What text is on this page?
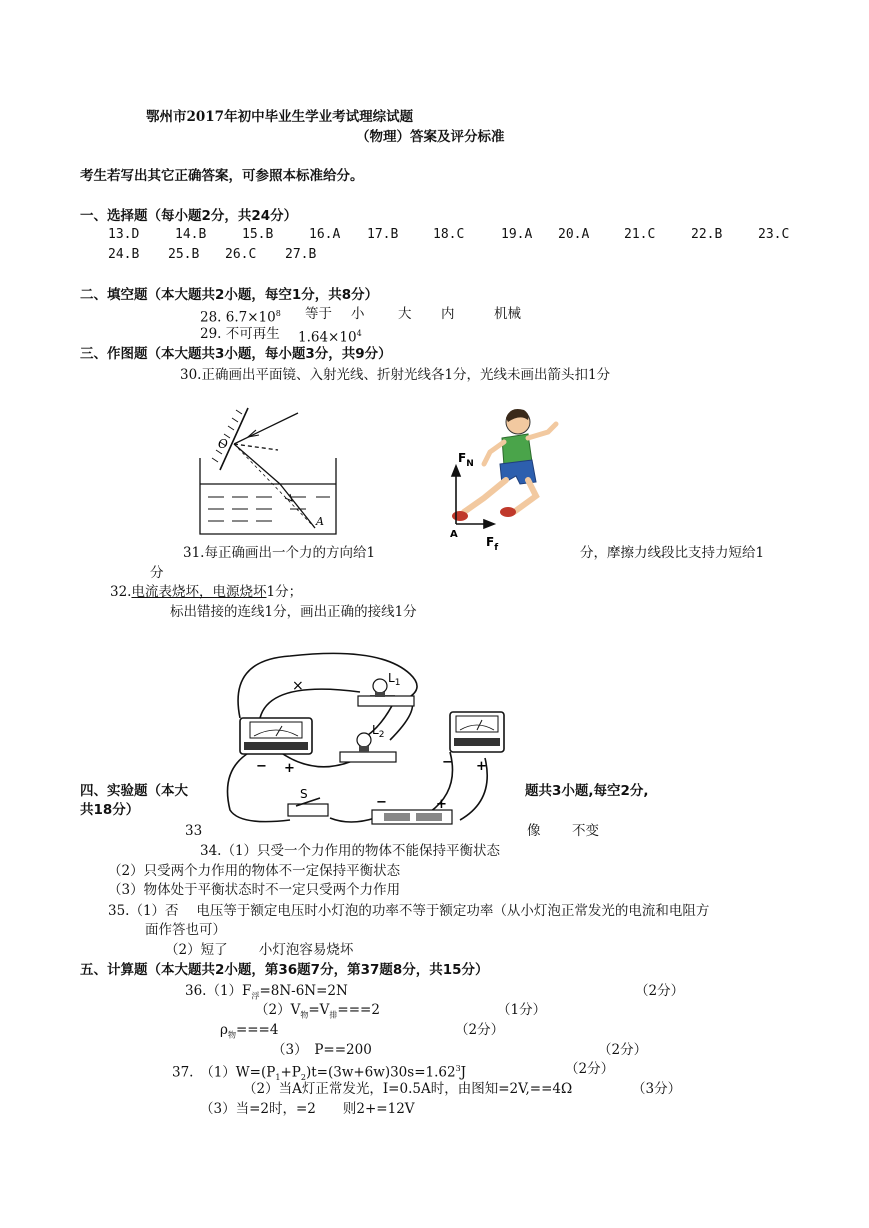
鄂州市2017年初中毕业生学业考试理综试题
（物理）答案及评分标准
考生若写出其它正确答案，可参照本标准给分。
一、选择题（每小题2分，共24分）
13.D	14.B	15.B	16.A 17.B	18.C	19.A 20.A	21.C	22.B	23.C
24.B 25.B 26.C 27.B
二、填空题（本大题共2小题，每空1分，共8分）
28. $6.7\times 10^8$ 等于 小 大 内	机械
29. 不可再生 $1.64\times 10^4$
三、作图题（本大题共3小题，每小题3分，共9分）
30.正确画出平面镜、入射光线、折射光线各1分，光线未画出箭头扣1分
O
A
$F_N$
$F_f$
A
31.每正确画出一个力的方向给1	分，摩擦力线段比支持力短给1
分
32.电流表烧坏，电源烧坏1分；
标出错接的连线1分，画出正确的接线1分
×	$L_1$
$L_2$
S
− +	− +
−	+
四、实验题（本大	题共3小题,每空2分,
共18分）
33	像 不变
34.（1）只受一个力作用的物体不能保持平衡状态
（2）只受两个力作用的物体不一定保持平衡状态
（3）物体处于平衡状态时不一定只受两个力作用
35.（1）否　 电压等于额定电压时小灯泡的功率不等于额定功率（从小灯泡正常发光的电流和电阻方
面作答也可）
（2）短了　　 小灯泡容易烧坏
五、计算题（本大题共2小题，第36题7分，第37题8分，共15分）
$36.(1)F_浮=8N-6N=2N$	（2分）
$(2)V_物=V_排===2$	（1分）
$\rho_物===4$	（2分）
（3）　P==200	（2分）
37.　$(1)W=(P_1+P_2)t=(3w+6w)30s=1.62^3J$	（2分）
（2）当A灯正常发光，I=0.5A时，由图知=2V,==4Ω	（3分）
（3）当=2时，=2　　则2+=12V
